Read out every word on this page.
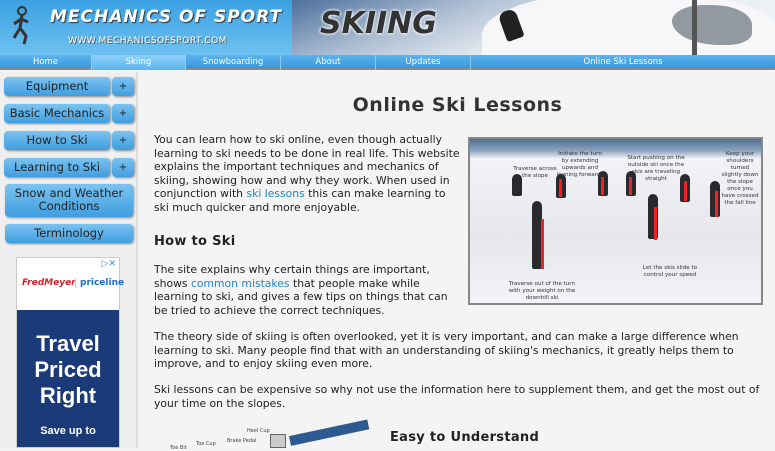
MECHANICS OF SPORT
WWW.MECHANICSOFSPORT.COM	SKIING
Home	Skiing	Snowboarding	About	Updates	Online Ski Lessons
Equipment	+
Basic Mechanics	+
How to Ski	+
Learning to Ski	+
Snow and Weather Conditions
Terminology
▷✕
FredMeyer priceline
Travel Priced Right
Save up to
Online Ski Lessons
You can learn how to ski online, even though actually learning to ski needs to be done in real life. This website explains the important techniques and mechanics of skiing, showing how and why they work. When used in conjunction with ski lessons this can make learning to ski much quicker and more enjoyable.
How to Ski
The site explains why certain things are important, shows common mistakes that people make while learning to ski, and gives a few tips on things that can be tried to achieve the correct techniques.
The theory side of skiing is often overlooked, yet it is very important, and can make a large difference when learning to ski. Many people find that with an understanding of skiing's mechanics, it greatly helps them to improve, and to enjoy skiing even more.
Ski lessons can be expensive so why not use the information here to supplement them, and get the most out of your time on the slopes.
Easy to Understand
Traverse across the slope
Initiate the turn by extending upwards and leaning forwards
Start pushing on the outside ski once the skis are traveling straight
Keep your shoulders turned slightly down the slope once you have crossed the fall line
Let the skis slide to control your speed
Traverse out of the turn with your weight on the downhill ski
Heel Cup
Toe Cup Brake Pedal
Toe Bit
